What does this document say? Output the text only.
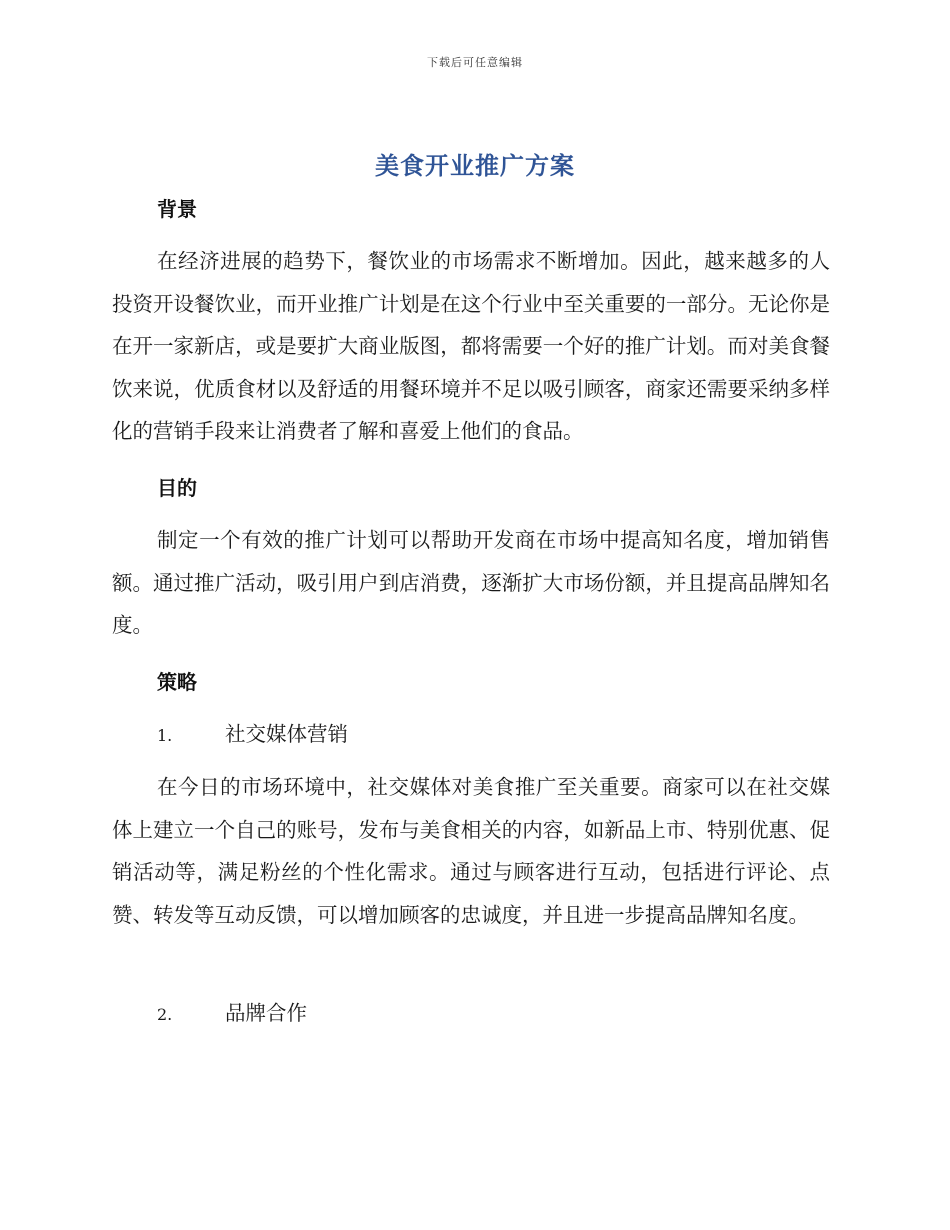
下载后可任意编辑
美食开业推广方案
背景
在经济进展的趋势下，餐饮业的市场需求不断增加。因此，越来越多的人投资开设餐饮业，而开业推广计划是在这个行业中至关重要的一部分。无论你是在开一家新店，或是要扩大商业版图，都将需要一个好的推广计划。而对美食餐饮来说，优质食材以及舒适的用餐环境并不足以吸引顾客，商家还需要采纳多样化的营销手段来让消费者了解和喜爱上他们的食品。
目的
制定一个有效的推广计划可以帮助开发商在市场中提高知名度，增加销售额。通过推广活动，吸引用户到店消费，逐渐扩大市场份额，并且提高品牌知名度。
策略
1.	社交媒体营销
在今日的市场环境中，社交媒体对美食推广至关重要。商家可以在社交媒体上建立一个自己的账号，发布与美食相关的内容，如新品上市、特别优惠、促销活动等，满足粉丝的个性化需求。通过与顾客进行互动，包括进行评论、点赞、转发等互动反馈，可以增加顾客的忠诚度，并且进一步提高品牌知名度。
2.	品牌合作
